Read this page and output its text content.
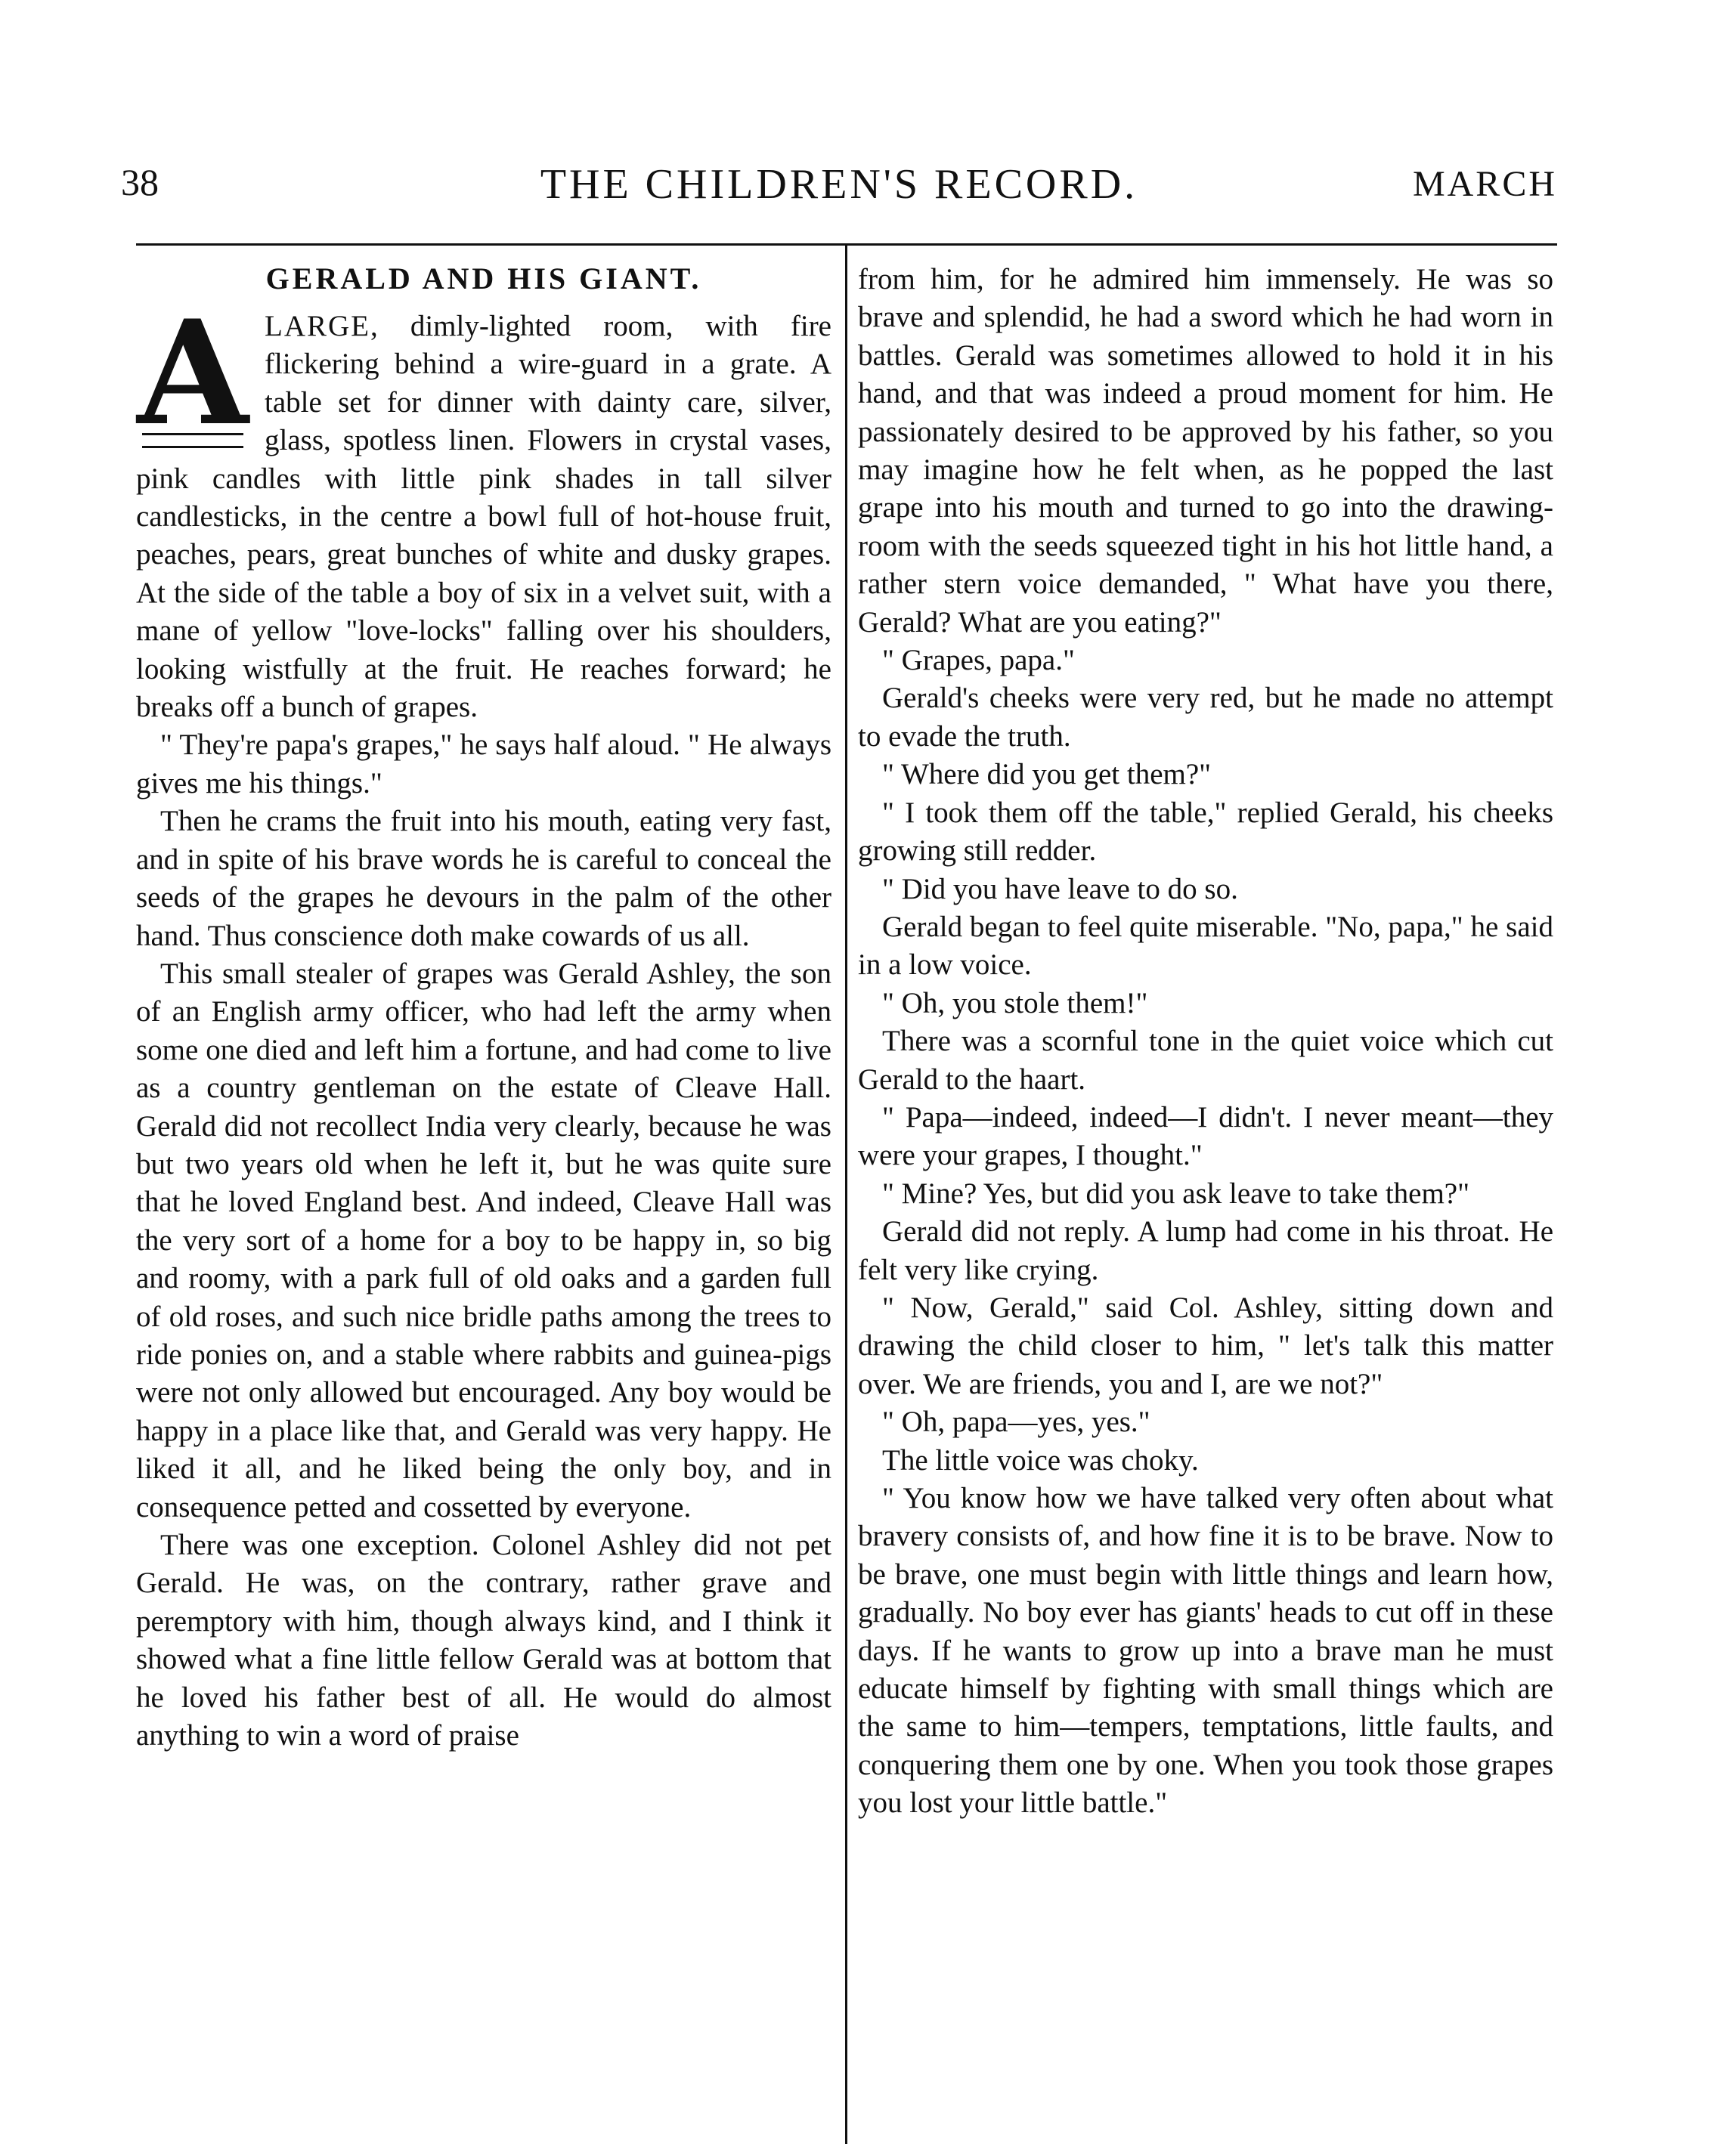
38	THE CHILDREN'S RECORD.	MARCH
GERALD AND HIS GIANT.
A LARGE, dimly-lighted room, with fire flickering behind a wire-guard in a grate. A table set for dinner with dainty care, silver, glass, spotless linen. Flowers in crystal vases, pink candles with little pink shades in tall silver candlesticks, in the centre a bowl full of hot-house fruit, peaches, pears, great bunches of white and dusky grapes. At the side of the table a boy of six in a velvet suit, with a mane of yellow "love-locks" falling over his shoulders, looking wistfully at the fruit. He reaches forward; he breaks off a bunch of grapes.

" They're papa's grapes," he says half aloud. " He always gives me his things."

Then he crams the fruit into his mouth, eating very fast, and in spite of his brave words he is careful to conceal the seeds of the grapes he devours in the palm of the other hand. Thus conscience doth make cowards of us all.

This small stealer of grapes was Gerald Ashley, the son of an English army officer, who had left the army when some one died and left him a fortune, and had come to live as a country gentleman on the estate of Cleave Hall. Gerald did not recollect India very clearly, because he was but two years old when he left it, but he was quite sure that he loved England best. And indeed, Cleave Hall was the very sort of a home for a boy to be happy in, so big and roomy, with a park full of old oaks and a garden full of old roses, and such nice bridle paths among the trees to ride ponies on, and a stable where rabbits and guinea-pigs were not only allowed but encouraged. Any boy would be happy in a place like that, and Gerald was very happy. He liked it all, and he liked being the only boy, and in consequence petted and cossetted by everyone.

There was one exception. Colonel Ashley did not pet Gerald. He was, on the contrary, rather grave and peremptory with him, though always kind, and I think it showed what a fine little fellow Gerald was at bottom that he loved his father best of all. He would do almost anything to win a word of praise

from him, for he admired him immensely. He was so brave and splendid, he had a sword which he had worn in battles. Gerald was sometimes allowed to hold it in his hand, and that was indeed a proud moment for him. He passionately desired to be approved by his father, so you may imagine how he felt when, as he popped the last grape into his mouth and turned to go into the drawing-room with the seeds squeezed tight in his hot little hand, a rather stern voice demanded, " What have you there, Gerald? What are you eating?"

" Grapes, papa."

Gerald's cheeks were very red, but he made no attempt to evade the truth.

" Where did you get them?"

" I took them off the table," replied Gerald, his cheeks growing still redder.

" Did you have leave to do so.

Gerald began to feel quite miserable. "No, papa," he said in a low voice.

" Oh, you stole them!"

There was a scornful tone in the quiet voice which cut Gerald to the haart.

" Papa—indeed, indeed—I didn't. I never meant—they were your grapes, I thought."

" Mine? Yes, but did you ask leave to take them?"

Gerald did not reply. A lump had come in his throat. He felt very like crying.

" Now, Gerald," said Col. Ashley, sitting down and drawing the child closer to him, " let's talk this matter over. We are friends, you and I, are we not?"

" Oh, papa—yes, yes."

The little voice was choky.

" You know how we have talked very often about what bravery consists of, and how fine it is to be brave. Now to be brave, one must begin with little things and learn how, gradually. No boy ever has giants' heads to cut off in these days. If he wants to grow up into a brave man he must educate himself by fighting with small things which are the same to him—tempers, temptations, little faults, and conquering them one by one. When you took those grapes you lost your little battle."
